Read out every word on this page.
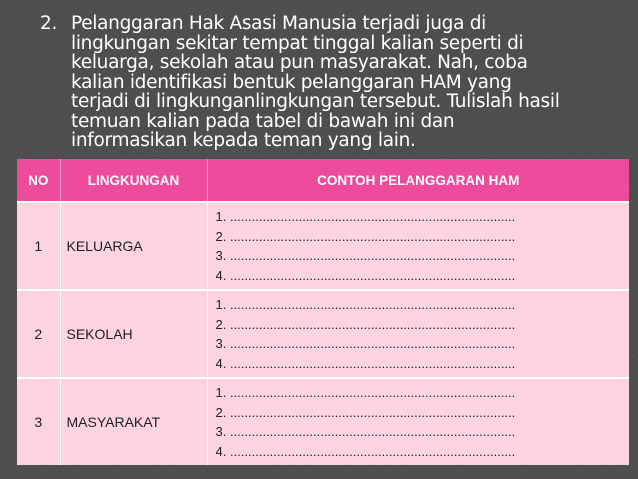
2. Pelanggaran Hak Asasi Manusia terjadi juga di
lingkungan sekitar tempat tinggal kalian seperti di
keluarga, sekolah atau pun masyarakat. Nah, coba
kalian identifikasi bentuk pelanggaran HAM yang
terjadi di lingkunganlingkungan tersebut. Tulislah hasil
temuan kalian pada tabel di bawah ini dan
informasikan kepada teman yang lain.
NO	LINGKUNGAN	CONTOH PELANGGARAN HAM
1	KELUARGA	1. ...............................................................................
2. ...............................................................................
3. ...............................................................................
4. ...............................................................................

2	SEKOLAH	1. ...............................................................................
2. ...............................................................................
3. ...............................................................................
4. ...............................................................................

3	MASYARAKAT	1. ...............................................................................
2. ...............................................................................
3. ...............................................................................
4. ...............................................................................
